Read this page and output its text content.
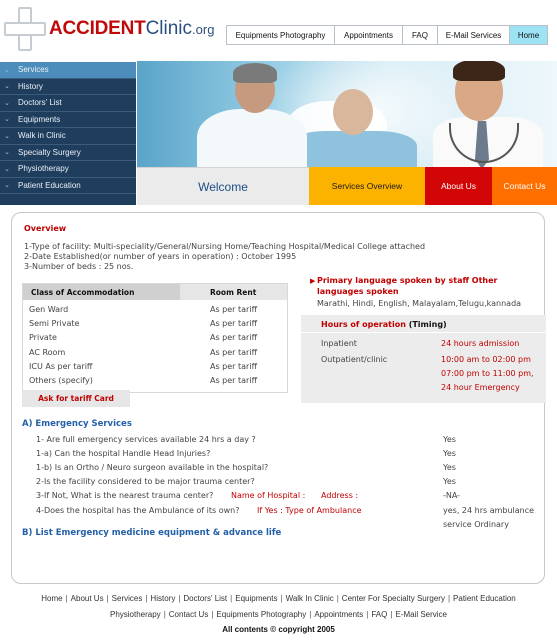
ACCIDENTClinic.org	Equipments Photography	Appointments	FAQ	E-Mail Services	Home
⌄	Services
⌄	History
⌄	Doctors' List
⌄	Equipments
⌄	Walk in Clinic
⌄	Specialty Surgery
⌄	Physiotherapy
⌄	Patient Education	Welcome	Services Overview	About Us	Contact Us
Overview
1-Type of facility: Multi-speciality/General/Nursing Home/Teaching Hospital/Medical College attached
2-Date Established(or number of years in operation) : October 1995
3-Number of beds : 25 nos.
Class of Accommodation	Room Rent
Gen Ward	As per tariff
Semi Private	As per tariff
Private	As per tariff
AC Room	As per tariff
ICU As per tariff	As per tariff
Others (specify)	As per tariff
Ask for tariff Card
▶ Primary language spoken by staff Other languages spoken
Marathi, Hindi, English, Malayalam,Telugu,kannada
Hours of operation (Timing)
Inpatient	24 hours admission
Outpatient/clinic	10:00 am to 02:00 pm
07:00 pm to 11:00 pm,
24 hour Emergency
A) Emergency Services
1- Are full emergency services available 24 hrs a day ?	Yes
1-a) Can the hospital Handle Head Injuries?	Yes
1-b) Is an Ortho / Neuro surgeon available in the hospital?	Yes
2-Is the facility considered to be major trauma center?	Yes
3-If Not, What is the nearest trauma center? Name of Hospital : Address :	-NA-
4-Does the hospital has the Ambulance of its own? If Yes : Type of Ambulance	yes, 24 hrs ambulance
service Ordinary
B) List Emergency medicine equipment & advance life
Home | About Us | Services | History | Doctors' List | Equipments | Walk In Clinic | Center For Specialty Surgery | Patient Education
Physiotherapy | Contact Us | Equipments Photography | Appointments | FAQ | E-Mail Service
All contents © copyright 2005
